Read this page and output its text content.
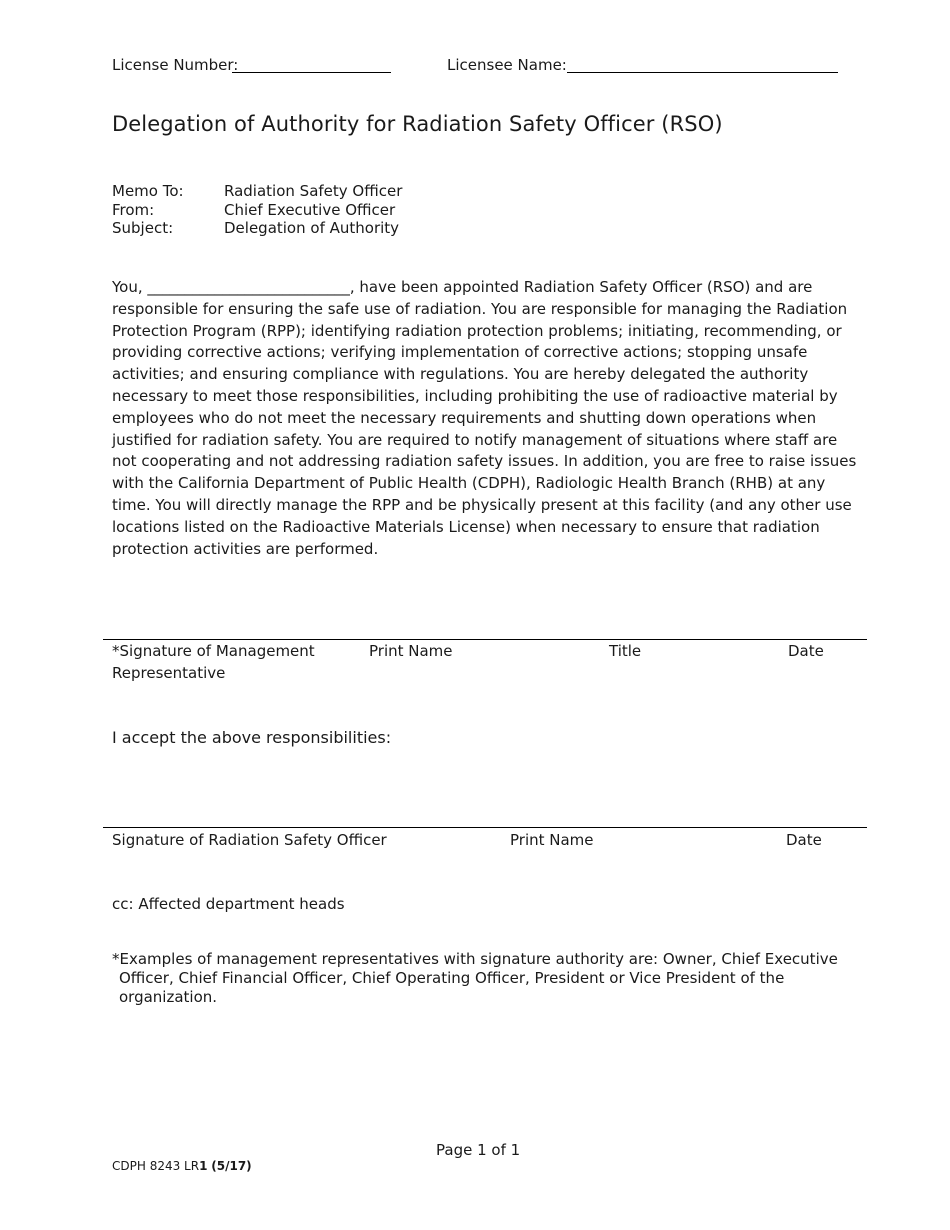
License Number:	Licensee Name:
Delegation of Authority for Radiation Safety Officer (RSO)
Memo To:	Radiation Safety Officer
From:	Chief Executive Officer
Subject:	Delegation of Authority

You, ___________________________, have been appointed Radiation Safety Officer (RSO) and are responsible for ensuring the safe use of radiation. You are responsible for managing the Radiation Protection Program (RPP); identifying radiation protection problems; initiating, recommending, or providing corrective actions; verifying implementation of corrective actions; stopping unsafe activities; and ensuring compliance with regulations. You are hereby delegated the authority necessary to meet those responsibilities, including prohibiting the use of radioactive material by employees who do not meet the necessary requirements and shutting down operations when justified for radiation safety. You are required to notify management of situations where staff are not cooperating and not addressing radiation safety issues. In addition, you are free to raise issues with the California Department of Public Health (CDPH), Radiologic Health Branch (RHB) at any time. You will directly manage the RPP and be physically present at this facility (and any other use locations listed on the Radioactive Materials License) when necessary to ensure that radiation protection activities are performed.

*Signature of Management
Representative
Print Name	Title	Date
I accept the above responsibilities:
Signature of Radiation Safety Officer	Print Name	Date
cc: Affected department heads

*Examples of management representatives with signature authority are: Owner, Chief Executive Officer, Chief Financial Officer, Chief Operating Officer, President or Vice President of the organization.

Page 1 of 1
CDPH 8243 LR1 (5/17)
